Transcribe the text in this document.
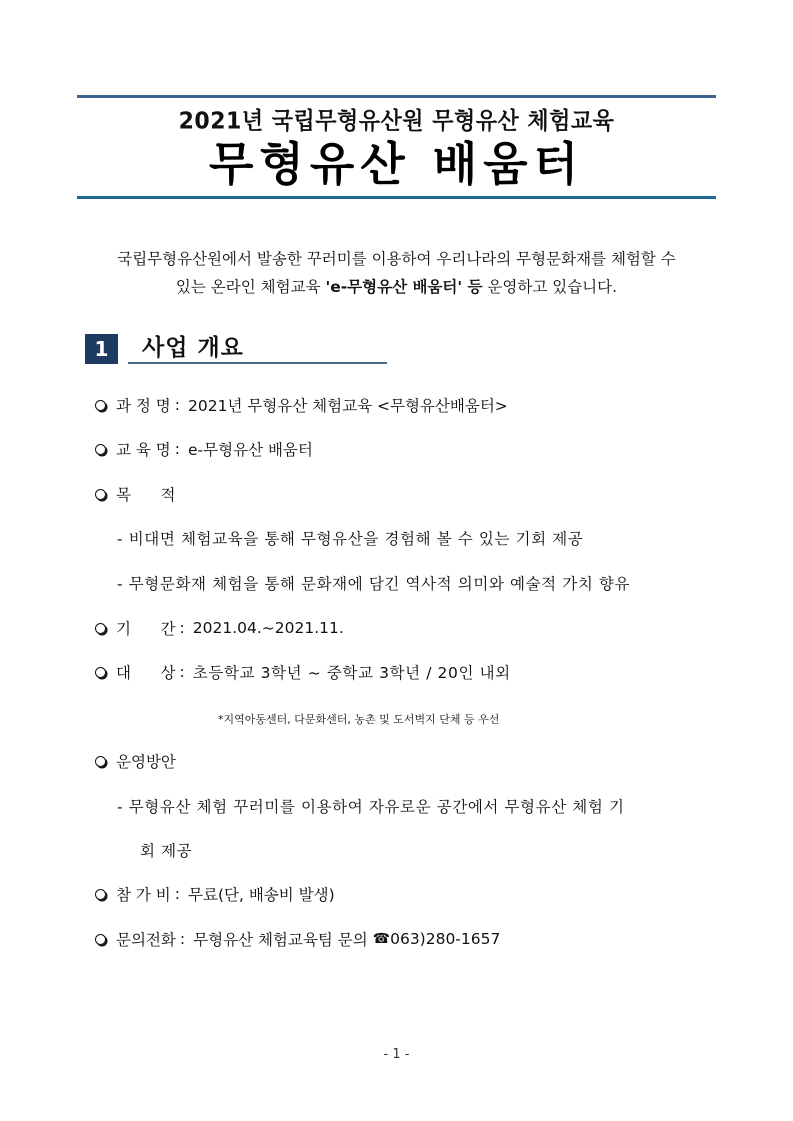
2021년 국립무형유산원 무형유산 체험교육
무형유산 배움터
국립무형유산원에서 발송한 꾸러미를 이용하여 우리나라의 무형문화재를 체험할 수
있는 온라인 체험교육 'e-무형유산 배움터' 등 운영하고 있습니다.
1	사업 개요
과 정 명 : 2021년 무형유산 체험교육 <무형유산배움터>
교 육 명 : e-무형유산 배움터
목      적
- 비대면 체험교육을 통해 무형유산을 경험해 볼 수 있는 기회 제공
- 무형문화재 체험을 통해 문화재에 담긴 역사적 의미와 예술적 가치 향유
기      간 : 2021.04.~2021.11.
대      상 : 초등학교 3학년 ~ 중학교 3학년 / 20인 내외
*지역아동센터, 다문화센터, 농촌 및 도서벽지 단체 등 우선
운영방안
- 무형유산 체험 꾸러미를 이용하여 자유로운 공간에서 무형유산 체험 기
회 제공
참 가 비 : 무료(단, 배송비 발생)
문의전화 : 무형유산 체험교육팀 문의 ☎ 063)280-1657
- 1 -
